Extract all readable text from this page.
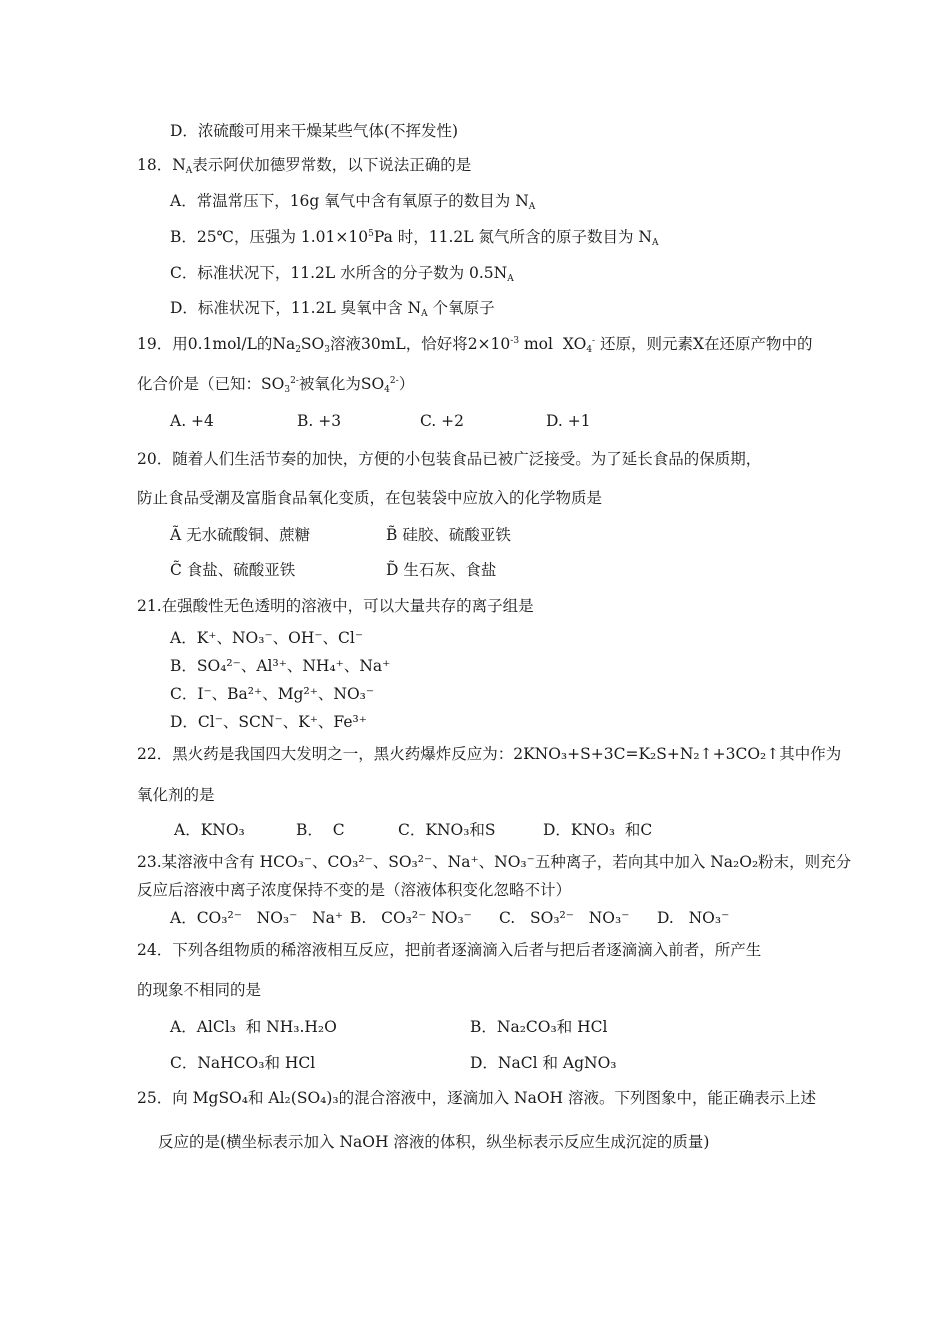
D．浓硫酸可用来干燥某些气体(不挥发性)
18．$N_A$表示阿伏加德罗常数，以下说法正确的是
A．常温常压下，16g 氧气中含有氧原子的数目为 $N_A$
B．25℃，压强为 $1.01\times 10^5Pa$ 时，11.2L 氮气所含的原子数目为 $N_A$
C．标准状况下，11.2L 水所含的分子数为 $0.5N_A$
D．标准状况下，11.2L 臭氧中含 $N_A$ 个氧原子
19．用0.1mol/L的$Na_2SO_3$溶液30mL，恰好将$2\times 10^{-3}$ mol  $XO_4^-$ 还原，则元素X在还原产物中的
化合价是（已知：$SO_3^{2-}$被氧化为$SO_4^{2-}$）
A. +4	B. +3	C. +2	D. +1
20．随着人们生活节奏的加快，方便的小包装食品已被广泛接受。为了延长食品的保质期，
防止食品受潮及富脂食品氧化变质，在包装袋中应放入的化学物质是
Ã 无水硫酸铜、蔗糖	B̃ 硅胶、硫酸亚铁
C̃ 食盐、硫酸亚铁	D̃ 生石灰、食盐
21.在强酸性无色透明的溶液中，可以大量共存的离子组是
A．K⁺、NO₃⁻、OH⁻、Cl⁻
B．SO₄²⁻、Al³⁺、NH₄⁺、Na⁺
C．I⁻、Ba²⁺、Mg²⁺、NO₃⁻
D．Cl⁻、SCN⁻、K⁺、Fe³⁺
22．黑火药是我国四大发明之一，黑火药爆炸反应为：2KNO₃+S+3C=K₂S+N₂↑+3CO₂↑其中作为
氧化剂的是
A．KNO₃	B．  C	C．KNO₃和S	D．KNO₃  和C
23.某溶液中含有 HCO₃⁻、CO₃²⁻、SO₃²⁻、Na⁺、NO₃⁻五种离子，若向其中加入 Na₂O₂粉末，则充分
反应后溶液中离子浓度保持不变的是（溶液体积变化忽略不计）
A．CO₃²⁻   NO₃⁻   Na⁺ B.   CO₃²⁻ NO₃⁻ C.   SO₃²⁻   NO₃⁻ D.   NO₃⁻
24．下列各组物质的稀溶液相互反应，把前者逐滴滴入后者与把后者逐滴滴入前者，所产生
的现象不相同的是
A．AlCl₃  和 NH₃.H₂O	B．Na₂CO₃和 HCl
C．NaHCO₃和 HCl	D．NaCl 和 AgNO₃
25．向 MgSO₄和 Al₂(SO₄)₃的混合溶液中，逐滴加入 NaOH 溶液。下列图象中，能正确表示上述
反应的是(横坐标表示加入 NaOH 溶液的体积，纵坐标表示反应生成沉淀的质量)
